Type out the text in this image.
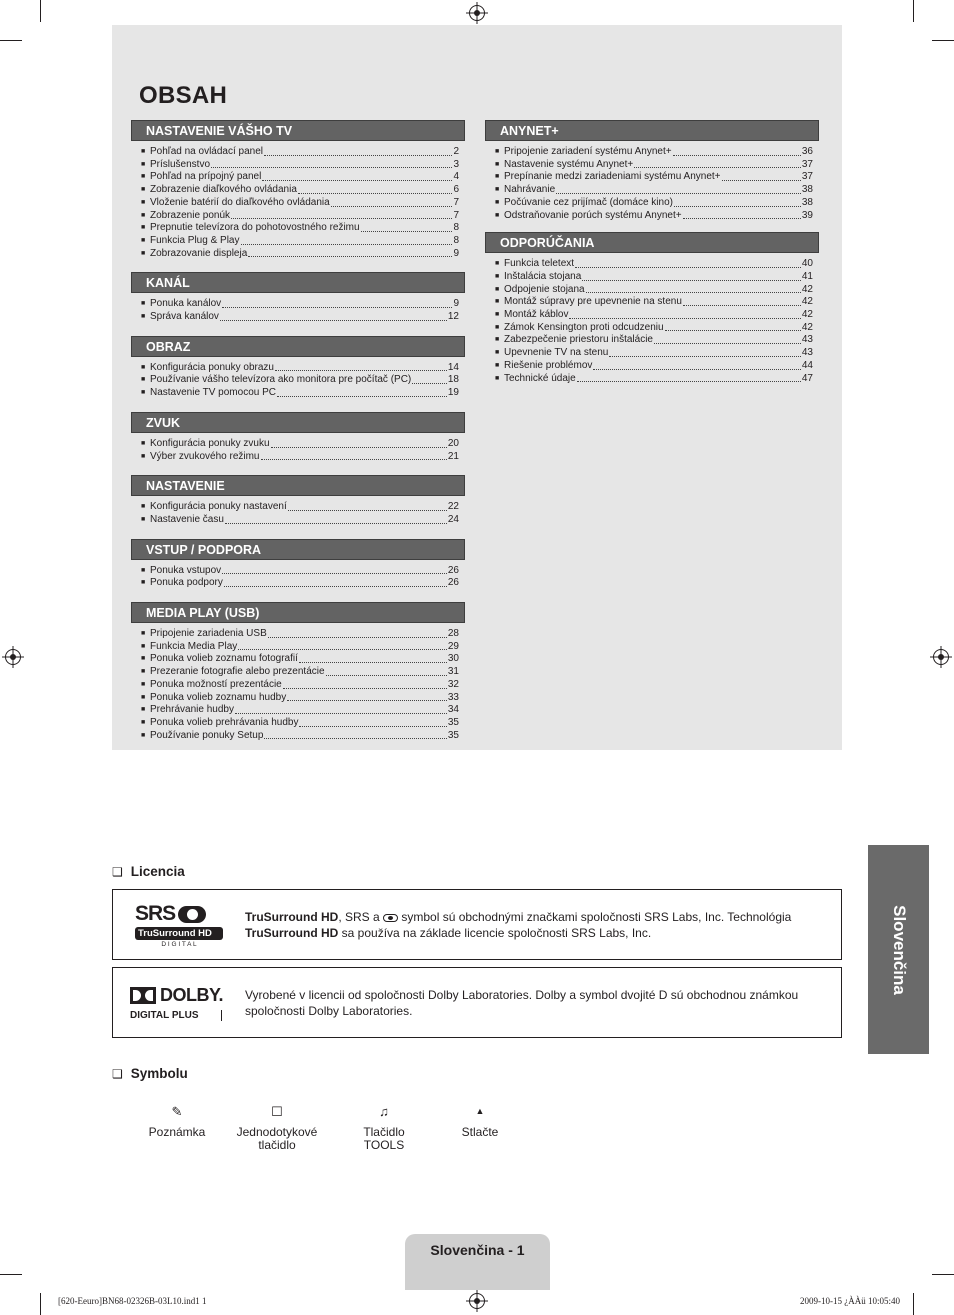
OBSAH
NASTAVENIE VÁŠHO TV
■ Pohľad na ovládací panel	2
■ Príslušenstvo	3
■ Pohľad na prípojný panel	4
■ Zobrazenie diaľkového ovládania	6
■ Vloženie batérií do diaľkového ovládania	7
■ Zobrazenie ponúk	7
■ Prepnutie televízora do pohotovostného režimu	8
■ Funkcia Plug & Play	8
■ Zobrazovanie displeja	9
KANÁL
■ Ponuka kanálov	9
■ Správa kanálov	12
OBRAZ
■ Konfigurácia ponuky obrazu	14
■ Používanie vášho televízora ako monitora pre počítač (PC)	18
■ Nastavenie TV pomocou PC	19
ZVUK
■ Konfigurácia ponuky zvuku	20
■ Výber zvukového režimu	21
NASTAVENIE
■ Konfigurácia ponuky nastavení	22
■ Nastavenie času	24
VSTUP / PODPORA
■ Ponuka vstupov	26
■ Ponuka podpory	26
MEDIA PLAY (USB)
■ Pripojenie zariadenia USB	28
■ Funkcia Media Play	29
■ Ponuka volieb zoznamu fotografií	30
■ Prezeranie fotografie alebo prezentácie	31
■ Ponuka možností prezentácie	32
■ Ponuka volieb zoznamu hudby	33
■ Prehrávanie hudby	34
■ Ponuka volieb prehrávania hudby	35
■ Používanie ponuky Setup	35
ANYNET+
■ Pripojenie zariadení systému Anynet+	36
■ Nastavenie systému Anynet+	37
■ Prepínanie medzi zariadeniami systému Anynet+	37
■ Nahrávanie	38
■ Počúvanie cez prijímač (domáce kino)	38
■ Odstraňovanie porúch systému Anynet+	39
ODPORÚČANIA
■ Funkcia teletext	40
■ Inštalácia stojana	41
■ Odpojenie stojana	42
■ Montáž súpravy pre upevnenie na stenu	42
■ Montáž káblov	42
■ Zámok Kensington proti odcudzeniu	42
■ Zabezpečenie priestoru inštalácie	43
■ Upevnenie TV na stenu	43
■ Riešenie problémov	44
■ Technické údaje	47
❑ Licencia
SRS
TruSurround HD
D I G I T A L
TruSurround HD, SRS a
symbol sú obchodnými značkami spoločnosti SRS Labs, Inc. Technológia
TruSurround HD sa používa na základe licencie spoločnosti SRS Labs, Inc.
DOLBY.
DIGITAL PLUS
Vyrobené v licencii od spoločnosti Dolby Laboratories. Dolby a symbol dvojité D sú obchodnou známkou spoločnosti Dolby Laboratories.
❑ Symbolu
✎
Poznámka
☐
Jednodotykové
tlačidlo
♫
Tlačidlo
TOOLS
▲
Stlačte
Slovenčina
Slovenčina - 1
[620-Eeuro]BN68-02326B-03L10.ind1 1	2009-10-15 ¿ÀÀü 10:05:40
